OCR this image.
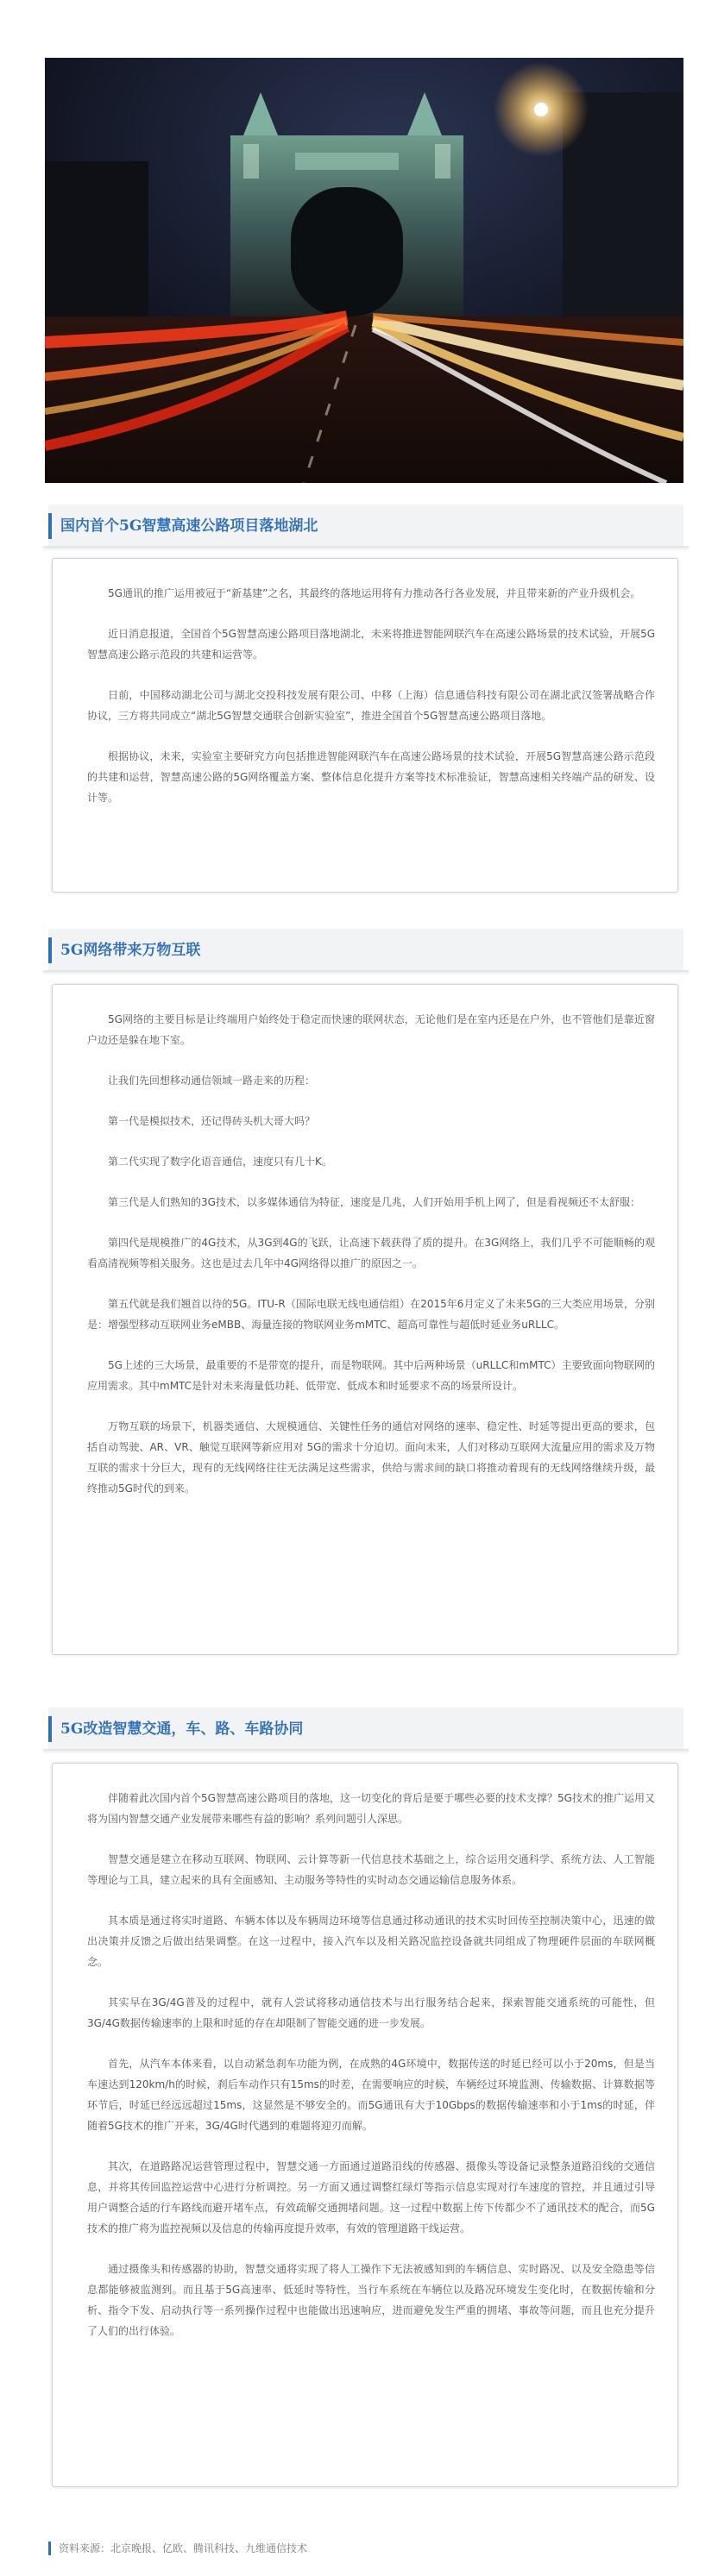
国内首个5G智慧高速公路项目落地湖北

5G通讯的推广运用被冠于“新基建”之名，其最终的落地运用将有力推动各行各业发展，并且带来新的产业升级机会。

近日消息报道，全国首个5G智慧高速公路项目落地湖北，未来将推进智能网联汽车在高速公路场景的技术试验，开展5G智慧高速公路示范段的共建和运营等。

日前，中国移动湖北公司与湖北交投科技发展有限公司、中移（上海）信息通信科技有限公司在湖北武汉签署战略合作协议，三方将共同成立“湖北5G智慧交通联合创新实验室”，推进全国首个5G智慧高速公路项目落地。

根据协议，未来，实验室主要研究方向包括推进智能网联汽车在高速公路场景的技术试验，开展5G智慧高速公路示范段的共建和运营，智慧高速公路的5G网络覆盖方案、整体信息化提升方案等技术标准验证，智慧高速相关终端产品的研发、设计等。

5G网络带来万物互联

5G网络的主要目标是让终端用户始终处于稳定而快速的联网状态，无论他们是在室内还是在户外，也不管他们是靠近窗户边还是躲在地下室。

让我们先回想移动通信领域一路走来的历程：

第一代是模拟技术，还记得砖头机大哥大吗？

第二代实现了数字化语音通信，速度只有几十K。

第三代是人们熟知的3G技术，以多媒体通信为特征，速度是几兆，人们开始用手机上网了，但是看视频还不太舒服：

第四代是规模推广的4G技术，从3G到4G的飞跃，让高速下载获得了质的提升。在3G网络上，我们几乎不可能顺畅的观看高清视频等相关服务。这也是过去几年中4G网络得以推广的原因之一。

第五代就是我们翘首以待的5G。ITU-R（国际电联无线电通信组）在2015年6月定义了未来5G的三大类应用场景，分别是：增强型移动互联网业务eMBB、海量连接的物联网业务mMTC、超高可靠性与超低时延业务uRLLC。

5G上述的三大场景，最重要的不是带宽的提升，而是物联网。其中后两种场景（uRLLC和mMTC）主要致面向物联网的应用需求。其中mMTC是针对未来海量低功耗、低带宽、低成本和时延要求不高的场景所设计。

万物互联的场景下，机器类通信、大规模通信、关键性任务的通信对网络的速率、稳定性、时延等提出更高的要求，包括自动驾驶、AR、VR、触觉互联网等新应用对 5G的需求十分迫切。面向未来，人们对移动互联网大流量应用的需求及万物互联的需求十分巨大，现有的无线网络往往无法满足这些需求，供给与需求间的缺口将推动着现有的无线网络继续升级，最终推动5G时代的到来。

5G改造智慧交通，车、路、车路协同

伴随着此次国内首个5G智慧高速公路项目的落地，这一切变化的背后是要于哪些必要的技术支撑？5G技术的推广运用又将为国内智慧交通产业发展带来哪些有益的影响？系列问题引人深思。

智慧交通是建立在移动互联网、物联网、云计算等新一代信息技术基础之上，综合运用交通科学、系统方法、人工智能等理论与工具，建立起来的具有全面感知、主动服务等特性的实时动态交通运输信息服务体系。

其本质是通过将实时道路、车辆本体以及车辆周边环境等信息通过移动通讯的技术实时回传至控制决策中心，迅速的做出决策并反馈之后做出结果调整。在这一过程中，接入汽车以及相关路况监控设备就共同组成了物理硬件层面的车联网概念。

其实早在3G/4G普及的过程中，就有人尝试将移动通信技术与出行服务结合起来，探索智能交通系统的可能性，但3G/4G数据传输速率的上限和时延的存在却限制了智能交通的进一步发展。

首先，从汽车本体来看，以自动紧急刹车功能为例，在成熟的4G环境中，数据传送的时延已经可以小于20ms，但是当车速达到120km/h的时候，刹后车动作只有15ms的时差，在需要响应的时候，车辆经过环境监测、传输数据、计算数据等环节后，时延已经远远超过15ms，这显然是不够安全的。而5G通讯有大于10Gbps的数据传输速率和小于1ms的时延，伴随着5G技术的推广开来，3G/4G时代遇到的难题将迎刃而解。

其次，在道路路况运营管理过程中，智慧交通一方面通过道路沿线的传感器、摄像头等设备记录整条道路沿线的交通信息，并将其传回监控运营中心进行分析调控。另一方面又通过调整红绿灯等指示信息实现对行车速度的管控，并且通过引导用户调整合适的行车路线而避开堵车点，有效疏解交通拥堵问题。这一过程中数据上传下传都少不了通讯技术的配合，而5G技术的推广将为监控视频以及信息的传输再度提升效率，有效的管理道路干线运营。

通过摄像头和传感器的协助，智慧交通将实现了将人工操作下无法被感知到的车辆信息、实时路况、以及安全隐患等信息都能够被监测到。而且基于5G高速率、低延时等特性，当行车系统在车辆位以及路况环境发生变化时，在数据传输和分析、指令下发、启动执行等一系列操作过程中也能做出迅速响应，进而避免发生严重的拥堵、事故等问题，而且也充分提升了人们的出行体验。

资料来源：北京晚报、亿欧、腾讯科技、九维通信技术
